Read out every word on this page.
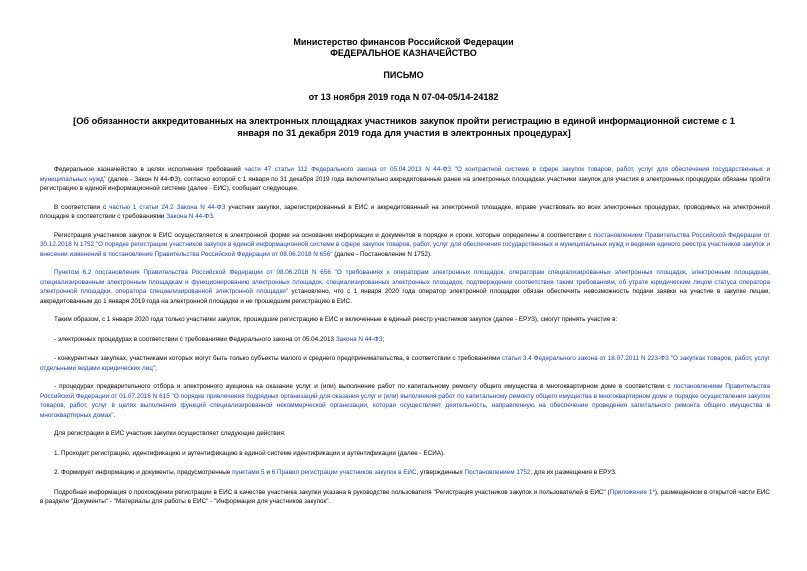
Министерство финансов Российской Федерации
ФЕДЕРАЛЬНОЕ КАЗНАЧЕЙСТВО
ПИСЬМО
от 13 ноября 2019 года N 07-04-05/14-24182
[Об обязанности аккредитованных на электронных площадках участников закупок пройти регистрацию в единой информационной системе с 1 января по 31 декабря 2019 года для участия в электронных процедурах]

Федеральное казначейство в целях исполнения требований части 47 статьи 112 Федерального закона от 05.04.2013 N 44-ФЗ "О контрактной системе в сфере закупок товаров, работ, услуг для обеспечения государственных и муниципальных нужд" (далее - Закон N 44-ФЗ), согласно которой с 1 января по 31 декабря 2019 года включительно аккредитованные ранее на электронных площадках участники закупок для участия в электронных процедурах обязаны пройти регистрацию в единой информационной системе (далее - ЕИС), сообщает следующее.

В соответствии с частью 1 статьи 24.2 Закона N 44-ФЗ участник закупки, зарегистрированный в ЕИС и аккредитованный на электронной площадке, вправе участвовать во всех электронных процедурах, проводимых на электронной площадке в соответствии с требованиями Закона N 44-ФЗ.

Регистрация участников закупок в ЕИС осуществляется в электронной форме на основании информации и документов в порядке и сроки, которые определены в соответствии с постановлением Правительства Российской Федерации от 30.12.2018 N 1752 "О порядке регистрации участников закупок в единой информационной системе в сфере закупок товаров, работ, услуг для обеспечения государственных и муниципальных нужд и ведения единого реестра участников закупок и внесении изменений в постановление Правительства Российской Федерации от 08.06.2018 N 656" (далее - Постановление N 1752).

Пунктом 6.2 постановления Правительства Российской Федерации от 08.06.2018 N 656 "О требованиях к операторам электронных площадок, операторам специализированных электронных площадок, электронным площадкам, специализированным электронным площадкам и функционированию электронных площадок, специализированных электронных площадок, подтверждении соответствия таким требованиям, об утрате юридическим лицом статуса оператора электронной площадки, оператора специализированной электронной площадки" установлено, что с 1 января 2020 года оператор электронной площадки обязан обеспечить невозможность подачи заявки на участие в закупке лицам, аккредитованным до 1 января 2019 года на электронной площадке и не прошедшим регистрацию в ЕИС.

Таким образом, с 1 января 2020 года только участники закупок, прошедшие регистрацию в ЕИС и включенные в единый реестр участников закупок (далее - ЕРУЗ), смогут принять участие в:

- электронных процедурах в соответствии с требованиями Федерального закона от 05.04.2013 Закона N 44-ФЗ;

- конкурентных закупках, участниками которых могут быть только субъекты малого и среднего предпринимательства, в соответствии с требованиями статьи 3.4 Федерального закона от 18.07.2011 N 223-ФЗ "О закупках товаров, работ, услуг отдельными видами юридических лиц";

- процедурах предварительного отбора и электронного аукциона на оказание услуг и (или) выполнение работ по капитальному ремонту общего имущества в многоквартирном доме в соответствии с постановлением Правительства Российской Федерации от 01.07.2016 N 615 "О порядке привлечения подрядных организаций для оказания услуг и (или) выполнения работ по капитальному ремонту общего имущества в многоквартирном доме и порядке осуществления закупок товаров, работ, услуг в целях выполнения функций специализированной некоммерческой организации, которая осуществляет деятельность, направленную на обеспечение проведения капитального ремонта общего имущества в многоквартирных домах".

Для регистрации в ЕИС участник закупки осуществляет следующие действия:

1. Проходит регистрацию, идентификацию и аутентификацию в единой системе идентификации и аутентификации (далее - ЕСИА).

2. Формирует информацию и документы, предусмотренные пунктами 5 и 6 Правил регистрации участников закупок в ЕИС, утвержденных Постановлением 1752, для их размещения в ЕРУЗ.

Подробная информация о прохождении регистрации в ЕИС в качестве участника закупки указана в руководстве пользователя "Регистрация участников закупок и пользователей в ЕИС" (Приложение 1*), размещенном в открытой части ЕИС в разделе "Документы" - "Материалы для работы в ЕИС" - "Информация для участников закупок".
